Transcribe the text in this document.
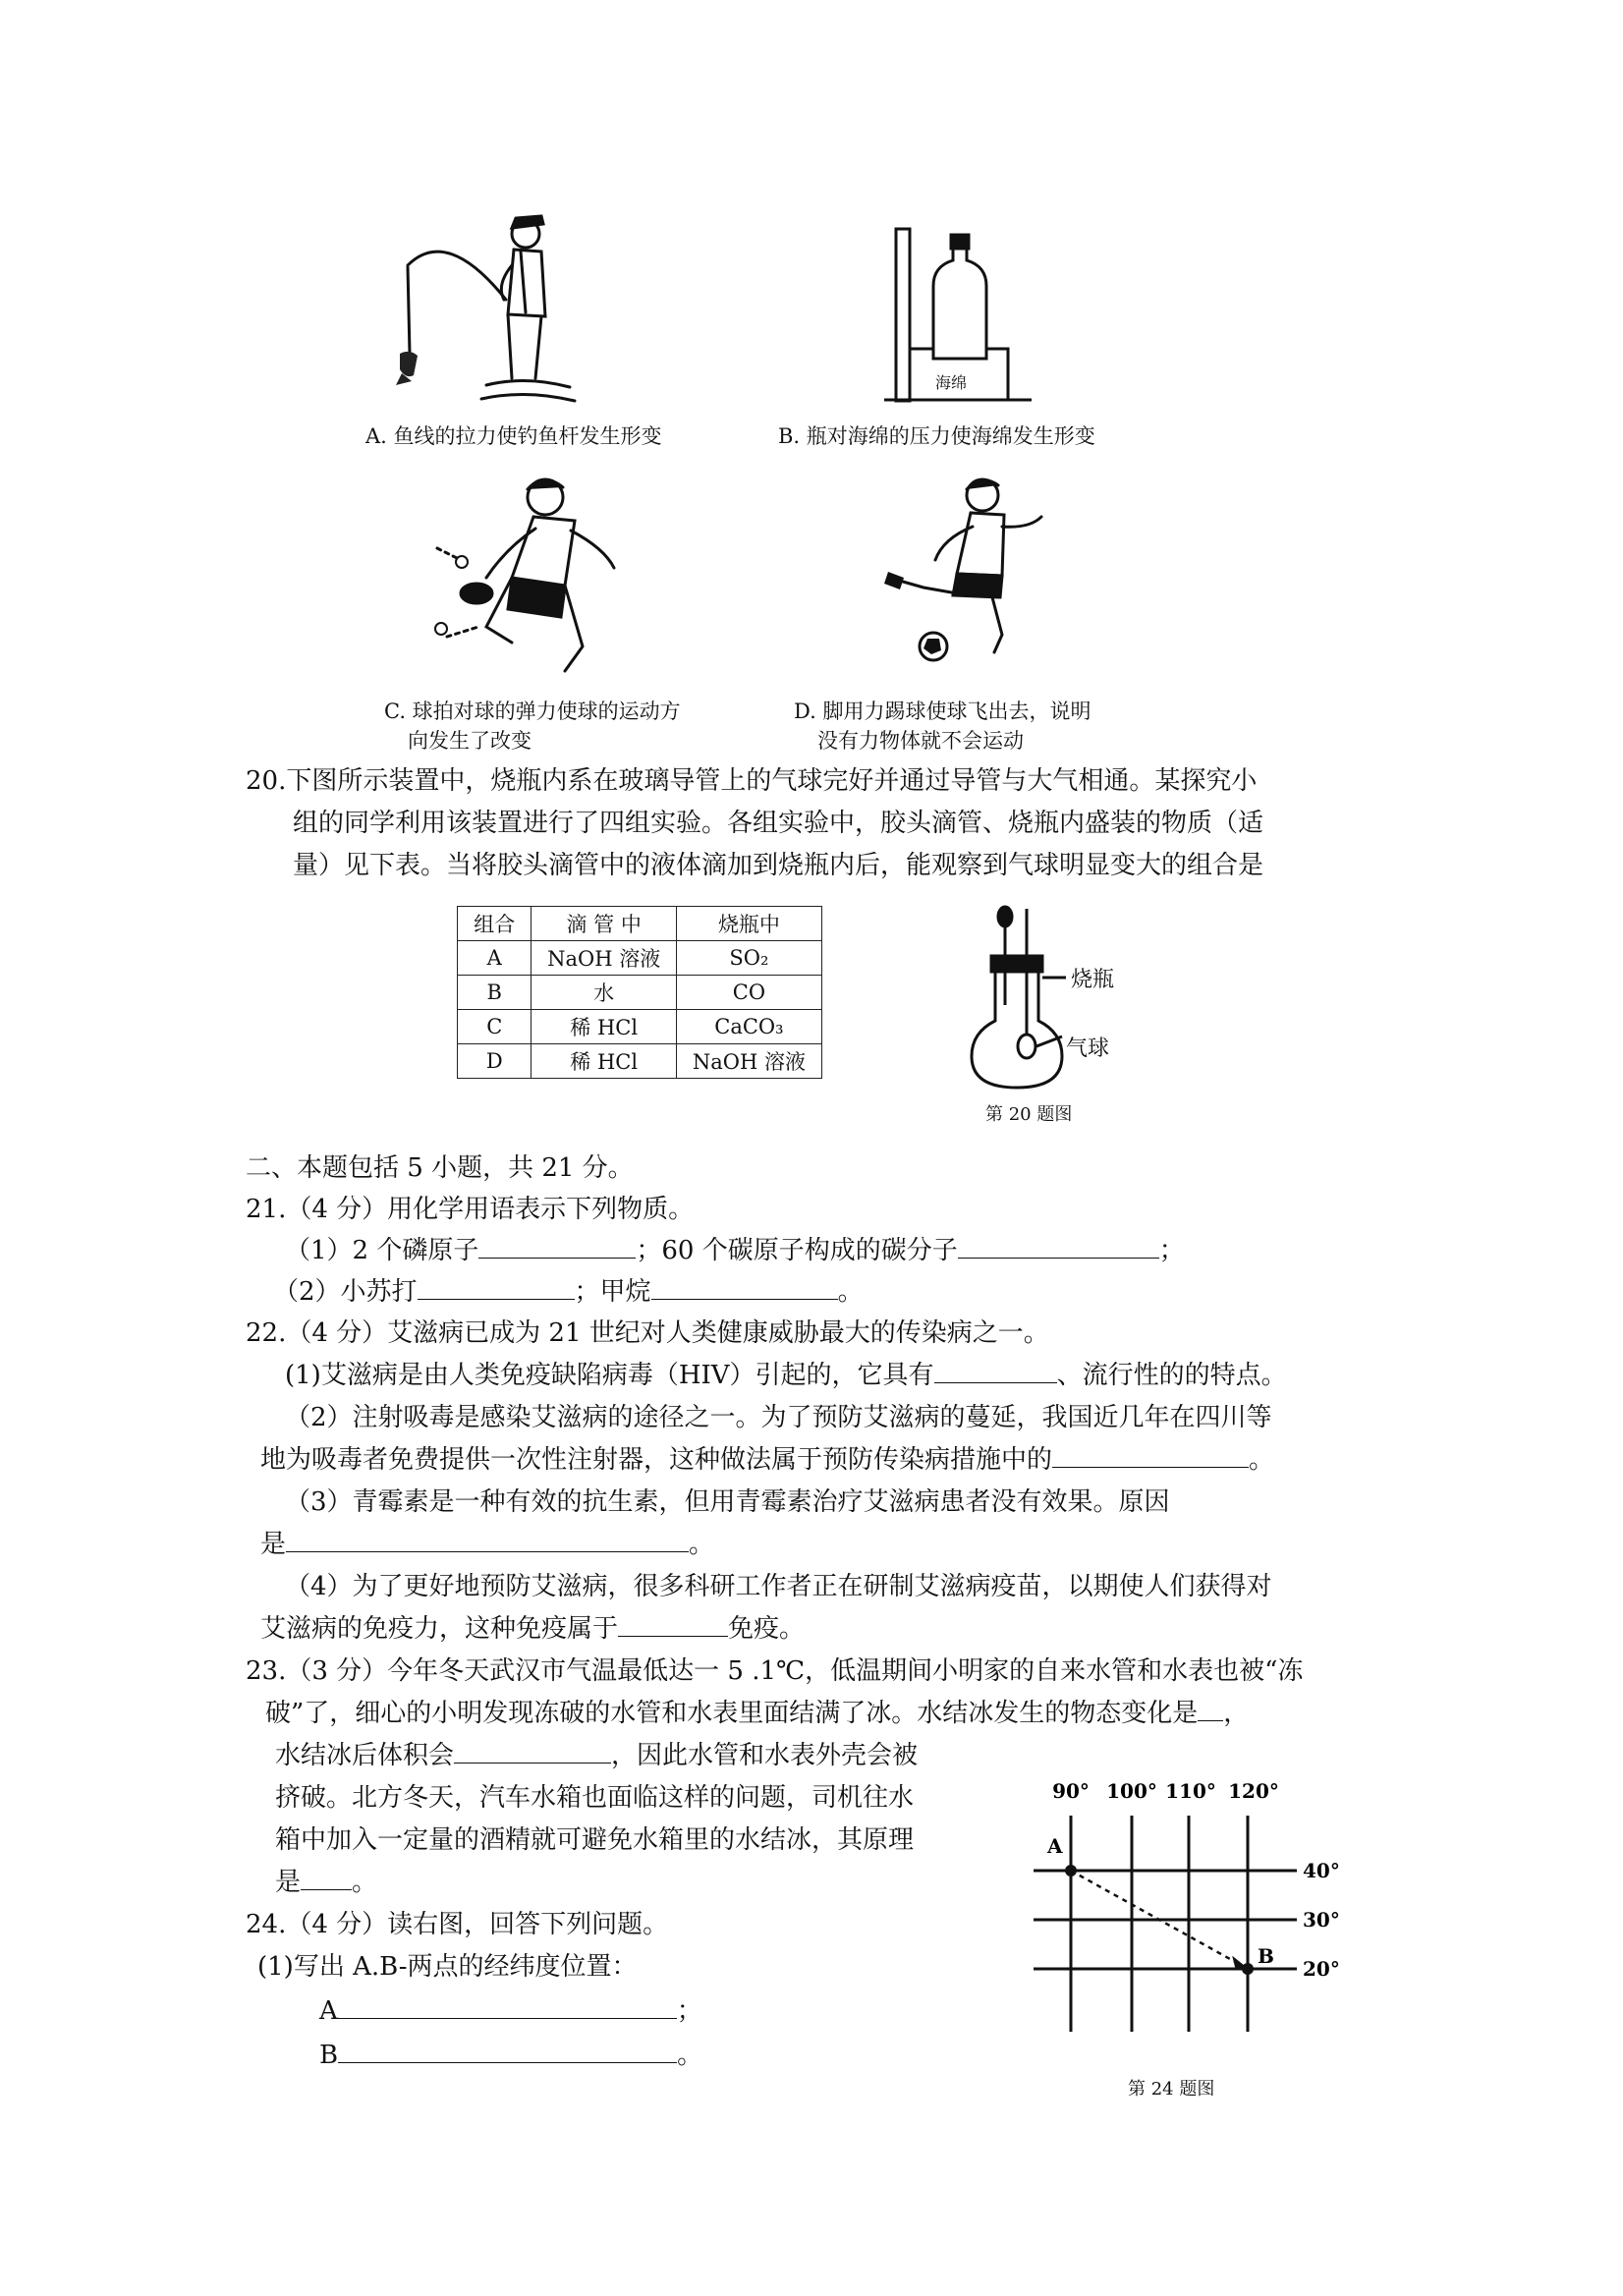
A. 鱼线的拉力使钓鱼杆发生形变
海绵
B. 瓶对海绵的压力使海绵发生形变
C. 球拍对球的弹力使球的运动方
向发生了改变
D. 脚用力踢球使球飞出去，说明
没有力物体就不会运动
20.下图所示装置中，烧瓶内系在玻璃导管上的气球完好并通过导管与大气相通。某探究小
组的同学利用该装置进行了四组实验。各组实验中，胶头滴管、烧瓶内盛装的物质（适
量）见下表。当将胶头滴管中的液体滴加到烧瓶内后，能观察到气球明显变大的组合是
组合	滴 管 中	烧瓶中
A	NaOH 溶液	SO₂
B	水	CO
C	稀 HCl	CaCO₃
D	稀 HCl	NaOH 溶液
烧瓶
气球
第 20 题图
二、本题包括 5 小题，共 21 分。
21.（4 分）用化学用语表示下列物质。
（1）2 个磷原子	；60 个碳原子构成的碳分子	；
（2）小苏打	；甲烷	。
22.（4 分）艾滋病已成为 21 世纪对人类健康威胁最大的传染病之一。
(1)艾滋病是由人类免疫缺陷病毒（HIV）引起的，它具有	、流行性的的特点。
（2）注射吸毒是感染艾滋病的途径之一。为了预防艾滋病的蔓延，我国近几年在四川等
地为吸毒者免费提供一次性注射器，这种做法属于预防传染病措施中的	。
（3）青霉素是一种有效的抗生素，但用青霉素治疗艾滋病患者没有效果。原因
是	。
（4）为了更好地预防艾滋病，很多科研工作者正在研制艾滋病疫苗，以期使人们获得对
艾滋病的免疫力，这种免疫属于	免疫。
23.（3 分）今年冬天武汉市气温最低达一 5 .1℃，低温期间小明家的自来水管和水表也被“冻
破”了，细心的小明发现冻破的水管和水表里面结满了冰。水结冰发生的物态变化是 ，
水结冰后体积会	，因此水管和水表外壳会被
挤破。北方冬天，汽车水箱也面临这样的问题，司机往水
箱中加入一定量的酒精就可避免水箱里的水结冰，其原理
是 。
24.（4 分）读右图，回答下列问题。
(1)写出 A.B-两点的经纬度位置：
A	；
B	。
90° 100° 110° 120°
40°
30°
20°
A
B
第 24 题图
